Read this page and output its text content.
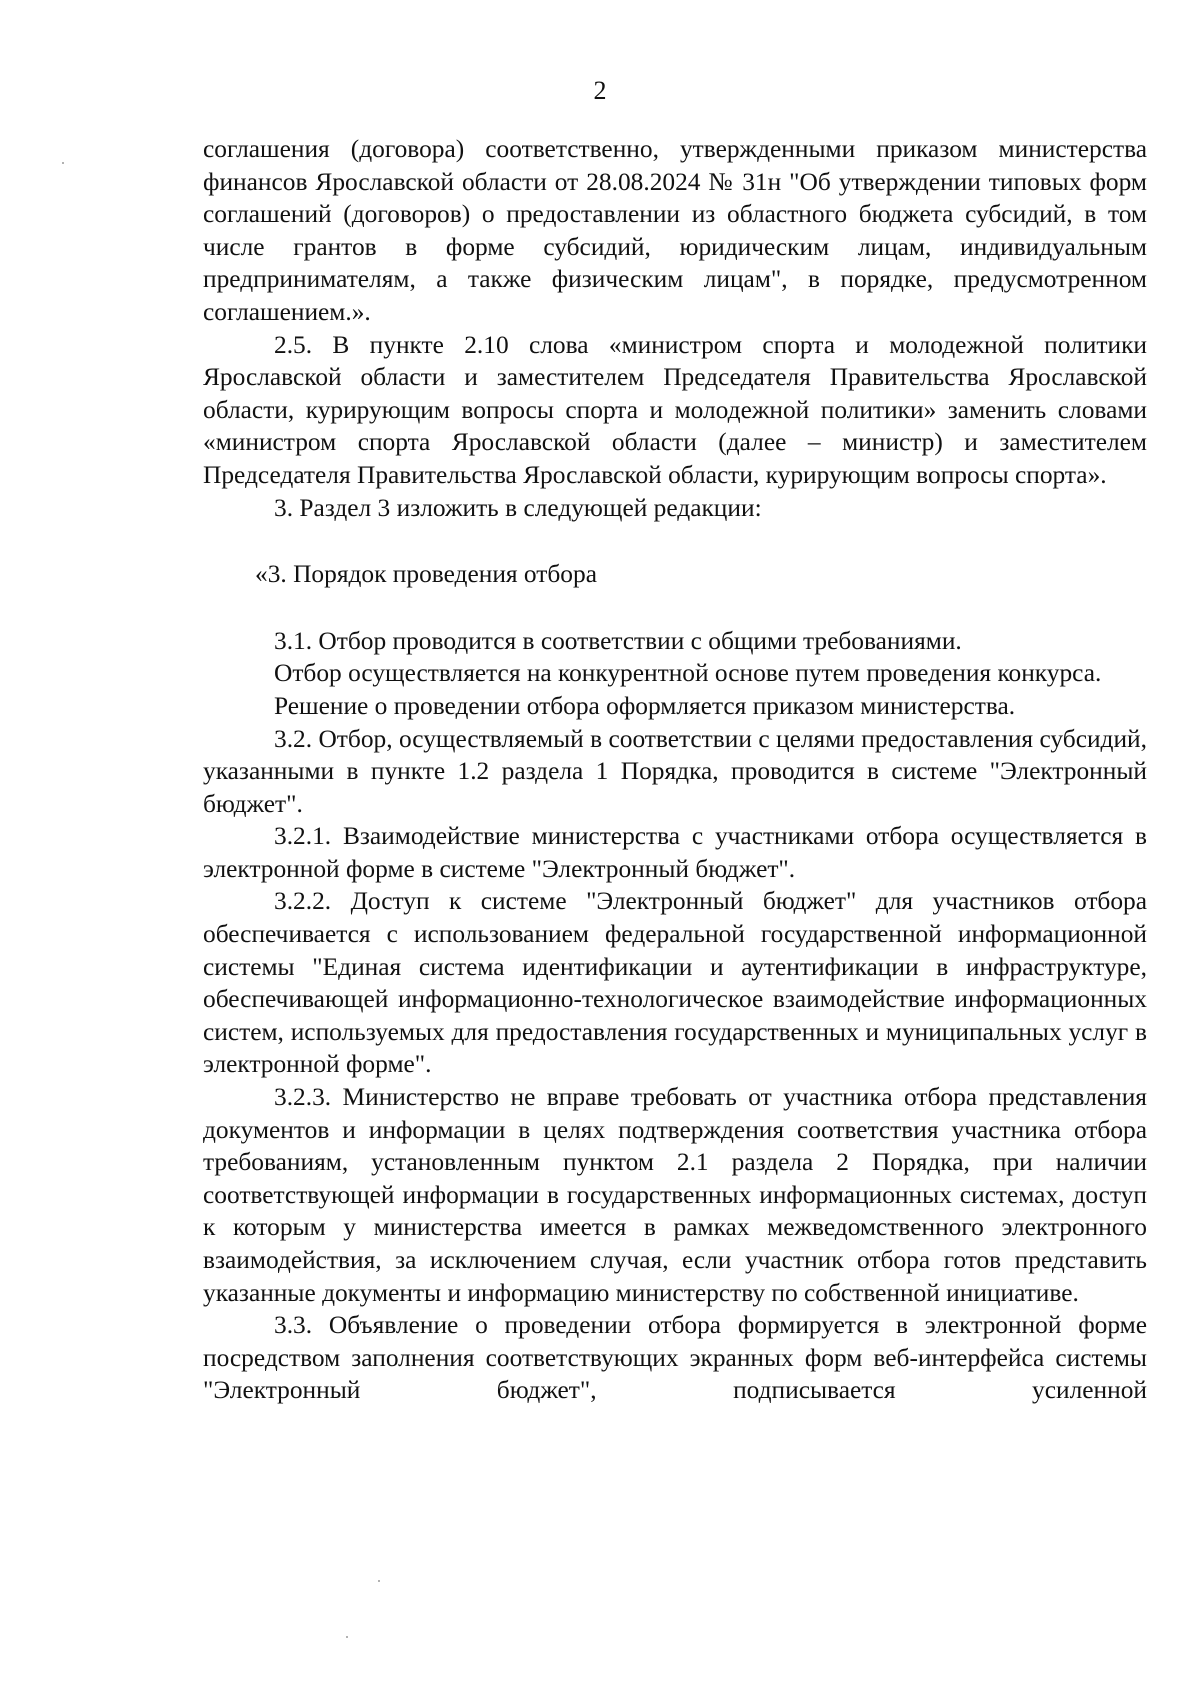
2

соглашения (договора) соответственно, утвержденными приказом министерства финансов Ярославской области от 28.08.2024 № 31н "Об утверждении типовых форм соглашений (договоров) о предоставлении из областного бюджета субсидий, в том числе грантов в форме субсидий, юридическим лицам, индивидуальным предпринимателям, а также физическим лицам", в порядке, предусмотренном соглашением.».

2.5. В пункте 2.10 слова «министром спорта и молодежной политики Ярославской области и заместителем Председателя Правительства Ярославской области, курирующим вопросы спорта и молодежной политики» заменить словами «министром спорта Ярославской области (далее – министр) и заместителем Председателя Правительства Ярославской области, курирующим вопросы спорта».

3. Раздел 3 изложить в следующей редакции:

«3. Порядок проведения отбора

3.1. Отбор проводится в соответствии с общими требованиями.

Отбор осуществляется на конкурентной основе путем проведения конкурса.

Решение о проведении отбора оформляется приказом министерства.

3.2. Отбор, осуществляемый в соответствии с целями предоставления субсидий, указанными в пункте 1.2 раздела 1 Порядка, проводится в системе "Электронный бюджет".

3.2.1. Взаимодействие министерства с участниками отбора осуществляется в электронной форме в системе "Электронный бюджет".

3.2.2. Доступ к системе "Электронный бюджет" для участников отбора обеспечивается с использованием федеральной государственной информационной системы "Единая система идентификации и аутентификации в инфраструктуре, обеспечивающей информационно-технологическое взаимодействие информационных систем, используемых для предоставления государственных и муниципальных услуг в электронной форме".

3.2.3. Министерство не вправе требовать от участника отбора представления документов и информации в целях подтверждения соответствия участника отбора требованиям, установленным пунктом 2.1 раздела 2 Порядка, при наличии соответствующей информации в государственных информационных системах, доступ к которым у министерства имеется в рамках межведомственного электронного взаимодействия, за исключением случая, если участник отбора готов представить указанные документы и информацию министерству по собственной инициативе.

3.3. Объявление о проведении отбора формируется в электронной форме посредством заполнения соответствующих экранных форм веб-интерфейса системы "Электронный бюджет", подписывается усиленной
